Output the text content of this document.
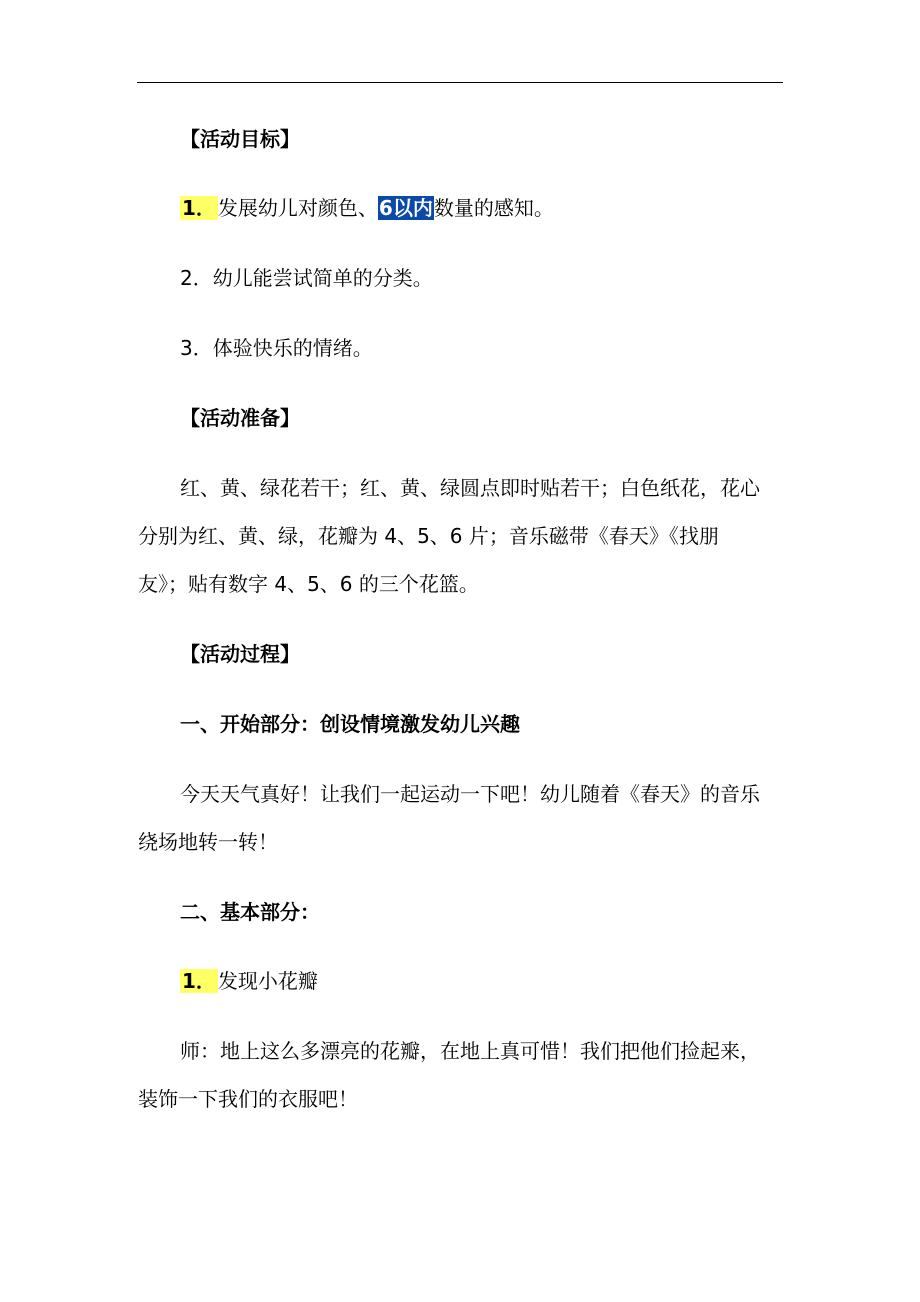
【活动目标】
1． 发展幼儿对颜色、6以内数量的感知。
2．幼儿能尝试简单的分类。
3．体验快乐的情绪。
【活动准备】
红、黄、绿花若干；红、黄、绿圆点即时贴若干；白色纸花，花心
分别为红、黄、绿，花瓣为 4、5、6 片；音乐磁带《春天》《找朋
友》；贴有数字 4、5、6 的三个花篮。
【活动过程】
一、开始部分：创设情境激发幼儿兴趣
今天天气真好！让我们一起运动一下吧！幼儿随着《春天》的音乐
绕场地转一转！
二、基本部分：
1． 发现小花瓣
师：地上这么多漂亮的花瓣，在地上真可惜！我们把他们捡起来，
装饰一下我们的衣服吧！
